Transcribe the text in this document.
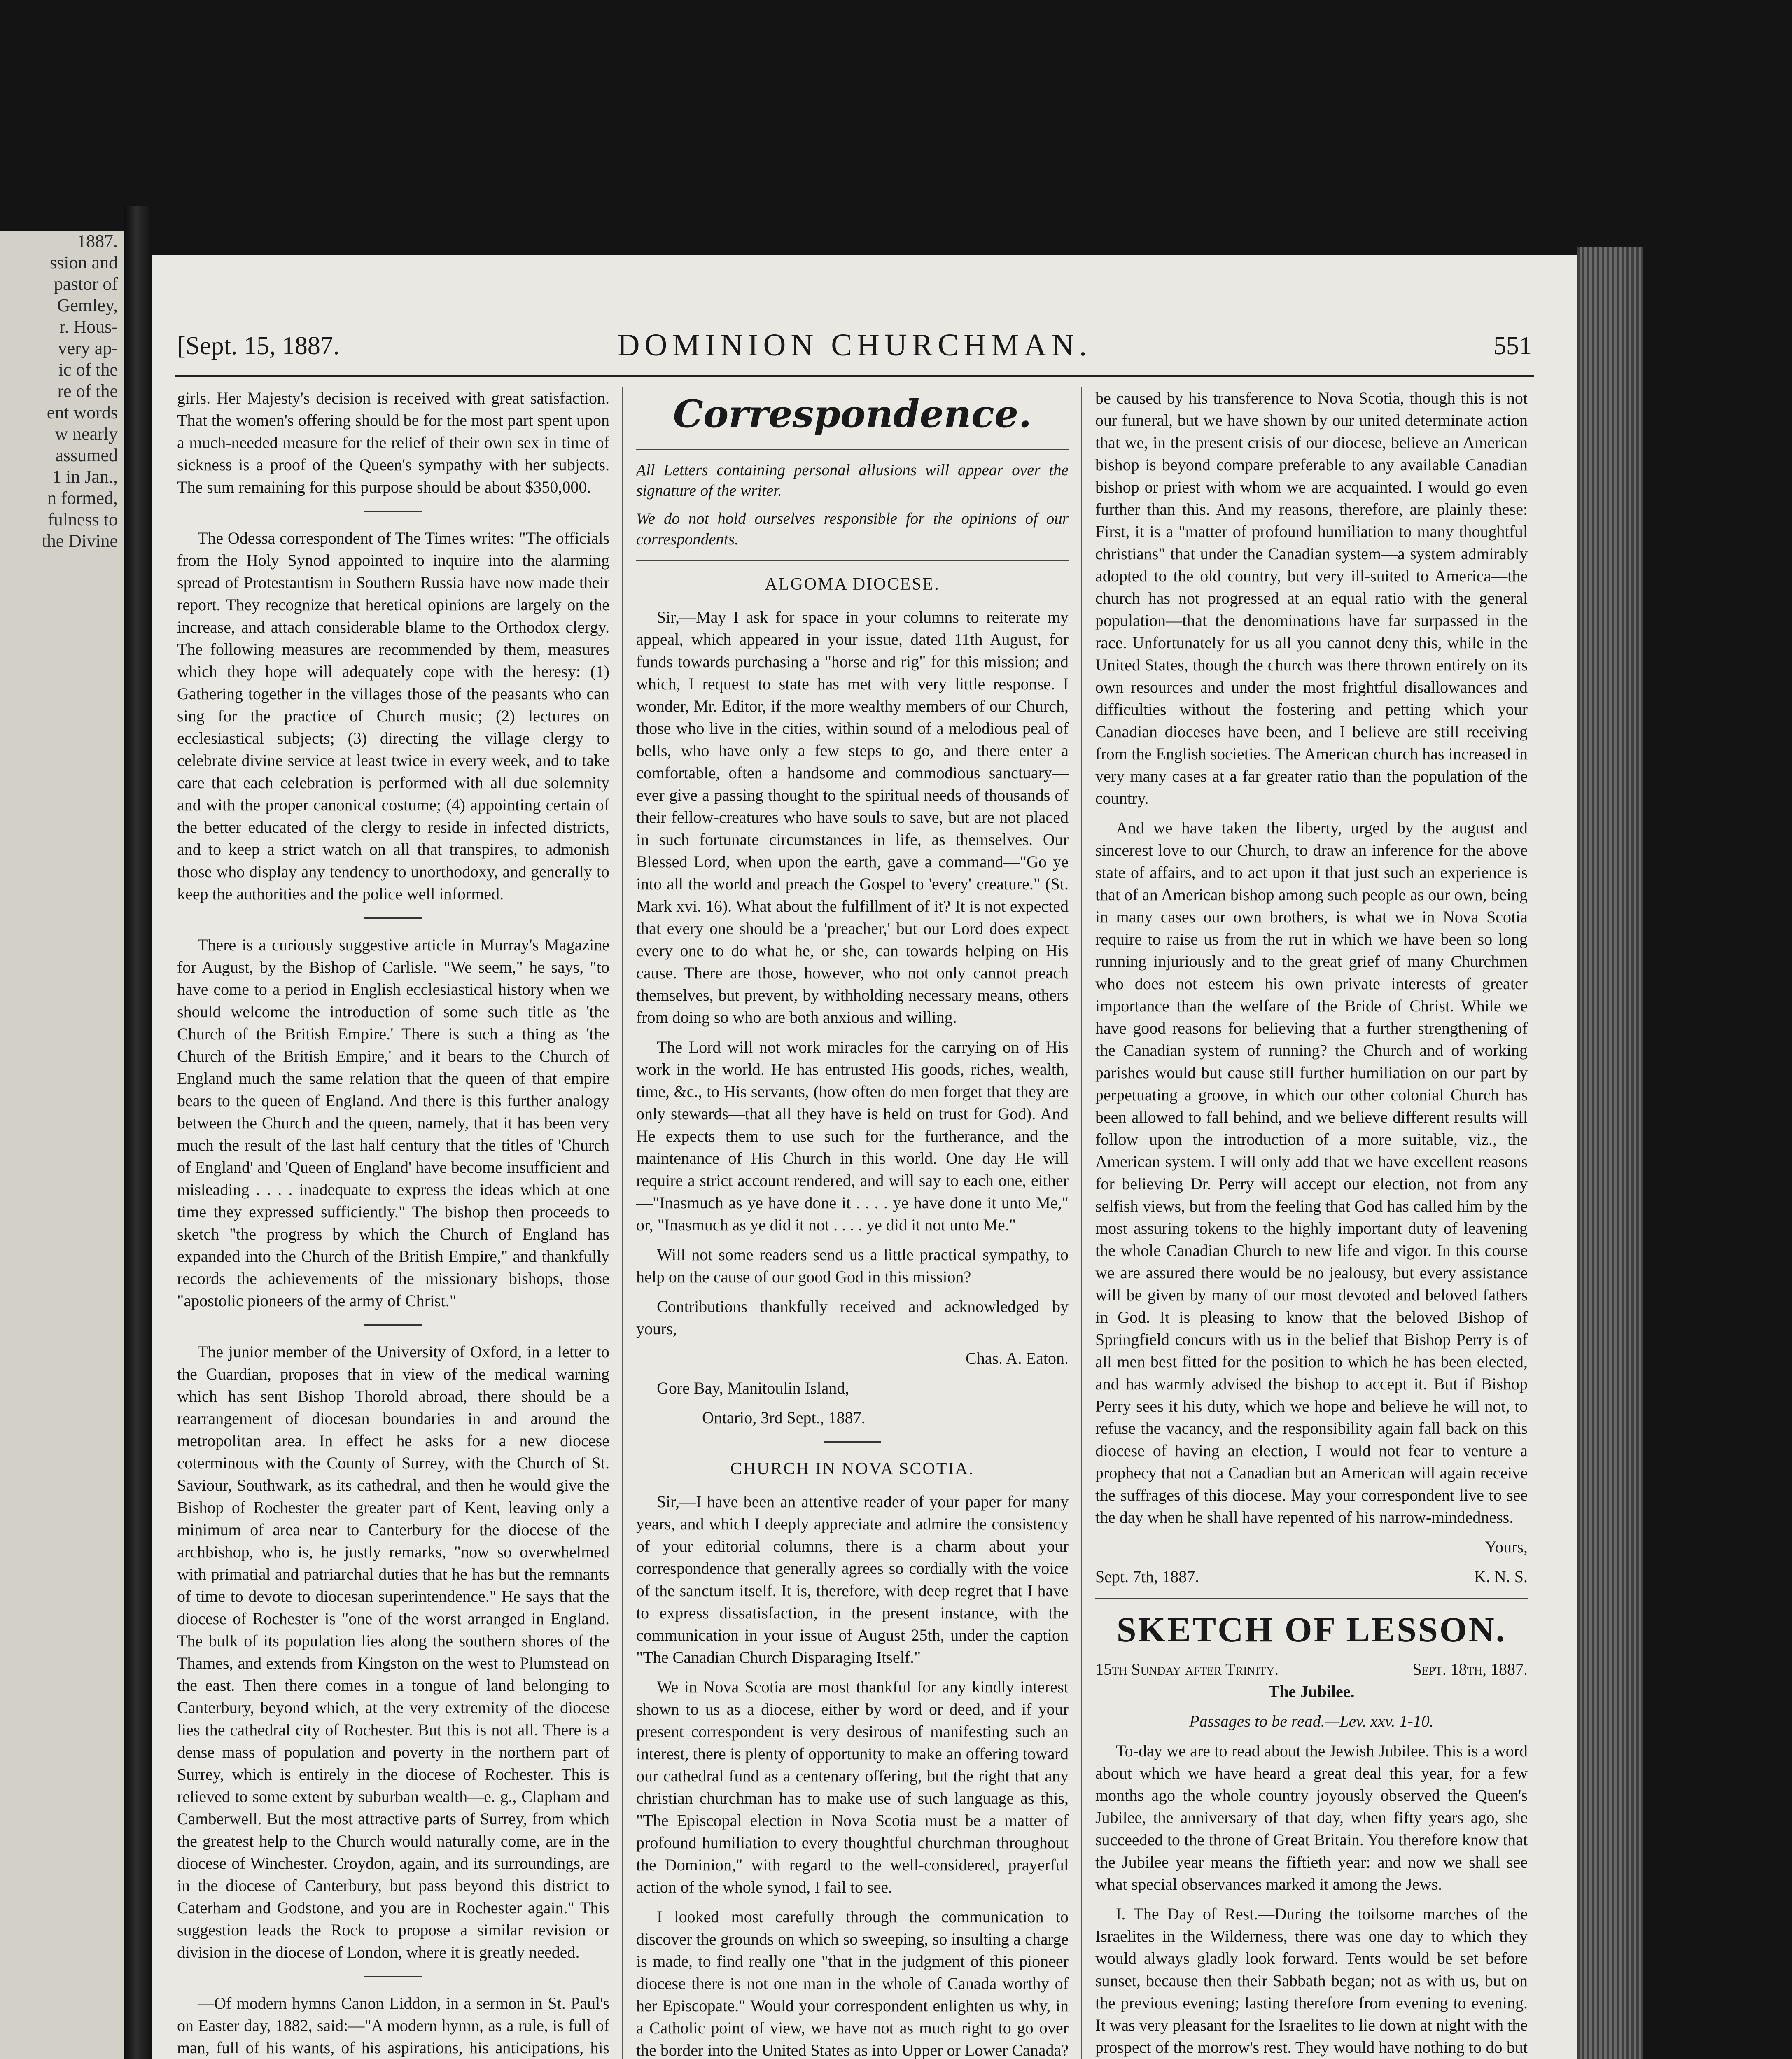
1887.
ssion and
pastor of
Gemley,
r. Hous-
very ap-
ic of the
re of the
ent words
w nearly
assumed
1 in Jan.,
n formed,
fulness to
the Divine
[Sept. 15, 1887.	DOMINION CHURCHMAN.	551

girls. Her Majesty's decision is received with great satisfaction. That the women's offering should be for the most part spent upon a much-needed measure for the relief of their own sex in time of sickness is a proof of the Queen's sympathy with her subjects. The sum remaining for this purpose should be about $350,000.

The Odessa correspondent of The Times writes: "The officials from the Holy Synod appointed to inquire into the alarming spread of Protestantism in Southern Russia have now made their report. They recognize that heretical opinions are largely on the increase, and attach considerable blame to the Orthodox clergy. The following measures are recommended by them, measures which they hope will adequately cope with the heresy: (1) Gathering together in the villages those of the peasants who can sing for the practice of Church music; (2) lectures on ecclesiastical subjects; (3) directing the village clergy to celebrate divine service at least twice in every week, and to take care that each celebration is performed with all due solemnity and with the proper canonical costume; (4) appointing certain of the better educated of the clergy to reside in infected districts, and to keep a strict watch on all that transpires, to admonish those who display any tendency to unorthodoxy, and generally to keep the authorities and the police well informed.

There is a curiously suggestive article in Murray's Magazine for August, by the Bishop of Carlisle. "We seem," he says, "to have come to a period in English ecclesiastical history when we should welcome the introduction of some such title as 'the Church of the British Empire.' There is such a thing as 'the Church of the British Empire,' and it bears to the Church of England much the same relation that the queen of that empire bears to the queen of England. And there is this further analogy between the Church and the queen, namely, that it has been very much the result of the last half century that the titles of 'Church of England' and 'Queen of England' have become insufficient and misleading . . . . inadequate to express the ideas which at one time they expressed sufficiently." The bishop then proceeds to sketch "the progress by which the Church of England has expanded into the Church of the British Empire," and thankfully records the achievements of the missionary bishops, those "apostolic pioneers of the army of Christ."

The junior member of the University of Oxford, in a letter to the Guardian, proposes that in view of the medical warning which has sent Bishop Thorold abroad, there should be a rearrangement of diocesan boundaries in and around the metropolitan area. In effect he asks for a new diocese coterminous with the County of Surrey, with the Church of St. Saviour, Southwark, as its cathedral, and then he would give the Bishop of Rochester the greater part of Kent, leaving only a minimum of area near to Canterbury for the diocese of the archbishop, who is, he justly remarks, "now so overwhelmed with primatial and patriarchal duties that he has but the remnants of time to devote to diocesan superintendence." He says that the diocese of Rochester is "one of the worst arranged in England. The bulk of its population lies along the southern shores of the Thames, and extends from Kingston on the west to Plumstead on the east. Then there comes in a tongue of land belonging to Canterbury, beyond which, at the very extremity of the diocese lies the cathedral city of Rochester. But this is not all. There is a dense mass of population and poverty in the northern part of Surrey, which is entirely in the diocese of Rochester. This is relieved to some extent by suburban wealth—e. g., Clapham and Camberwell. But the most attractive parts of Surrey, from which the greatest help to the Church would naturally come, are in the diocese of Winchester. Croydon, again, and its surroundings, are in the diocese of Canterbury, but pass beyond this district to Caterham and Godstone, and you are in Rochester again." This suggestion leads the Rock to propose a similar revision or division in the diocese of London, where it is greatly needed.

—Of modern hymns Canon Liddon, in a sermon in St. Paul's on Easter day, 1882, said:—"A modern hymn, as a rule, is full of man, full of his wants, of his aspirations, his anticipations, his

Correspondence.

All Letters containing personal allusions will appear over the signature of the writer.

We do not hold ourselves responsible for the opinions of our correspondents.

ALGOMA DIOCESE.

Sir,—May I ask for space in your columns to reiterate my appeal, which appeared in your issue, dated 11th August, for funds towards purchasing a "horse and rig" for this mission; and which, I request to state has met with very little response. I wonder, Mr. Editor, if the more wealthy members of our Church, those who live in the cities, within sound of a melodious peal of bells, who have only a few steps to go, and there enter a comfortable, often a handsome and commodious sanctuary—ever give a passing thought to the spiritual needs of thousands of their fellow-creatures who have souls to save, but are not placed in such fortunate circumstances in life, as themselves. Our Blessed Lord, when upon the earth, gave a command—"Go ye into all the world and preach the Gospel to 'every' creature." (St. Mark xvi. 16). What about the fulfillment of it? It is not expected that every one should be a 'preacher,' but our Lord does expect every one to do what he, or she, can towards helping on His cause. There are those, however, who not only cannot preach themselves, but prevent, by withholding necessary means, others from doing so who are both anxious and willing.

The Lord will not work miracles for the carrying on of His work in the world. He has entrusted His goods, riches, wealth, time, &c., to His servants, (how often do men forget that they are only stewards—that all they have is held on trust for God). And He expects them to use such for the furtherance, and the maintenance of His Church in this world. One day He will require a strict account rendered, and will say to each one, either—"Inasmuch as ye have done it . . . . ye have done it unto Me," or, "Inasmuch as ye did it not . . . . ye did it not unto Me."

Will not some readers send us a little practical sympathy, to help on the cause of our good God in this mission?

Contributions thankfully received and acknowledged by yours,

Chas. A. Eaton.

Gore Bay, Manitoulin Island,

Ontario, 3rd Sept., 1887.

CHURCH IN NOVA SCOTIA.

Sir,—I have been an attentive reader of your paper for many years, and which I deeply appreciate and admire the consistency of your editorial columns, there is a charm about your correspondence that generally agrees so cordially with the voice of the sanctum itself. It is, therefore, with deep regret that I have to express dissatisfaction, in the present instance, with the communication in your issue of August 25th, under the caption "The Canadian Church Disparaging Itself."

We in Nova Scotia are most thankful for any kindly interest shown to us as a diocese, either by word or deed, and if your present correspondent is very desirous of manifesting such an interest, there is plenty of opportunity to make an offering toward our cathedral fund as a centenary offering, but the right that any christian churchman has to make use of such language as this, "The Episcopal election in Nova Scotia must be a matter of profound humiliation to every thoughtful churchman throughout the Dominion," with regard to the well-considered, prayerful action of the whole synod, I fail to see.

I looked most carefully through the communication to discover the grounds on which so sweeping, so insulting a charge is made, to find really one "that in the judgment of this pioneer diocese there is not one man in the whole of Canada worthy of her Episcopate." Would your correspondent enlighten us why, in a Catholic point of view, we have not as much right to go over the border into the United States as into Upper or Lower Canada?

be caused by his transference to Nova Scotia, though this is not our funeral, but we have shown by our united determinate action that we, in the present crisis of our diocese, believe an American bishop is beyond compare preferable to any available Canadian bishop or priest with whom we are acquainted. I would go even further than this. And my reasons, therefore, are plainly these: First, it is a "matter of profound humiliation to many thoughtful christians" that under the Canadian system—a system admirably adopted to the old country, but very ill-suited to America—the church has not progressed at an equal ratio with the general population—that the denominations have far surpassed in the race. Unfortunately for us all you cannot deny this, while in the United States, though the church was there thrown entirely on its own resources and under the most frightful disallowances and difficulties without the fostering and petting which your Canadian dioceses have been, and I believe are still receiving from the English societies. The American church has increased in very many cases at a far greater ratio than the population of the country.

And we have taken the liberty, urged by the august and sincerest love to our Church, to draw an inference for the above state of affairs, and to act upon it that just such an experience is that of an American bishop among such people as our own, being in many cases our own brothers, is what we in Nova Scotia require to raise us from the rut in which we have been so long running injuriously and to the great grief of many Churchmen who does not esteem his own private interests of greater importance than the welfare of the Bride of Christ. While we have good reasons for believing that a further strengthening of the Canadian system of running? the Church and of working parishes would but cause still further humiliation on our part by perpetuating a groove, in which our other colonial Church has been allowed to fall behind, and we believe different results will follow upon the introduction of a more suitable, viz., the American system. I will only add that we have excellent reasons for believing Dr. Perry will accept our election, not from any selfish views, but from the feeling that God has called him by the most assuring tokens to the highly important duty of leavening the whole Canadian Church to new life and vigor. In this course we are assured there would be no jealousy, but every assistance will be given by many of our most devoted and beloved fathers in God. It is pleasing to know that the beloved Bishop of Springfield concurs with us in the belief that Bishop Perry is of all men best fitted for the position to which he has been elected, and has warmly advised the bishop to accept it. But if Bishop Perry sees it his duty, which we hope and believe he will not, to refuse the vacancy, and the responsibility again fall back on this diocese of having an election, I would not fear to venture a prophecy that not a Canadian but an American will again receive the suffrages of this diocese. May your correspondent live to see the day when he shall have repented of his narrow-mindedness.

Yours,

Sept. 7th, 1887.	K. N. S.

SKETCH OF LESSON.

15th Sunday after Trinity.	Sept. 18th, 1887.

The Jubilee.

Passages to be read.—Lev. xxv. 1-10.

To-day we are to read about the Jewish Jubilee. This is a word about which we have heard a great deal this year, for a few months ago the whole country joyously observed the Queen's Jubilee, the anniversary of that day, when fifty years ago, she succeeded to the throne of Great Britain. You therefore know that the Jubilee year means the fiftieth year: and now we shall see what special observances marked it among the Jews.

I. The Day of Rest.—During the toilsome marches of the Israelites in the Wilderness, there was one day to which they would always gladly look forward. Tents would be set before sunset, because then their Sabbath began; not as with us, but on the previous evening; lasting therefore from evening to evening. It was very pleasant for the Israelites to lie down at night with the prospect of the morrow's rest. They would have nothing to do but
